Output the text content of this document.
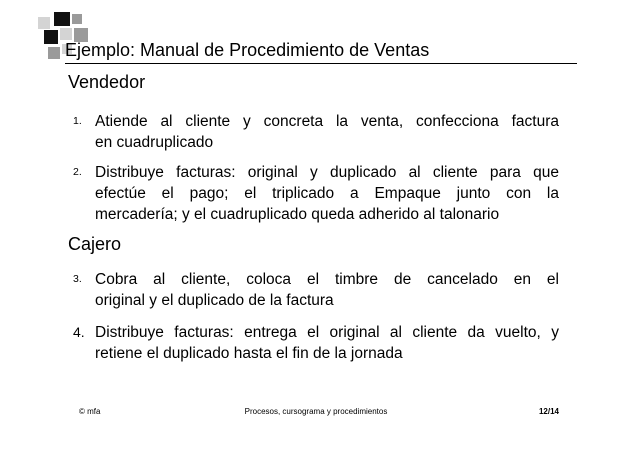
Ejemplo: Manual de Procedimiento de Ventas
Vendedor
1. Atiende al cliente y concreta la venta, confecciona factura
en cuadruplicado
2. Distribuye facturas: original y duplicado al cliente para que
efectúe el pago; el triplicado a Empaque junto con la
mercadería; y el cuadruplicado queda adherido al talonario
Cajero
3. Cobra al cliente, coloca el timbre de cancelado en el
original y el duplicado de la factura
4. Distribuye facturas: entrega el original al cliente da vuelto, y
retiene el duplicado hasta el fin de la jornada
© mfa	Procesos, cursograma y procedimientos	12/14
